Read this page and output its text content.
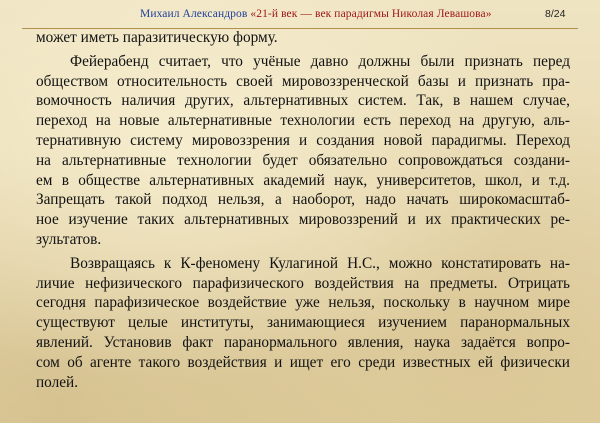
Михаил Александров «21-й век — век парадигмы Николая Левашова»	8/24
может иметь паразитическую форму.
Фейерабенд считает, что учёные давно должны были признать перед
обществом относительность своей мировоззренческой базы и признать пра-
вомочность наличия других, альтернативных систем. Так, в нашем случае,
переход на новые альтернативные технологии есть переход на другую, аль-
тернативную систему мировоззрения и создания новой парадигмы. Переход
на альтернативные технологии будет обязательно сопровождаться создани-
ем в обществе альтернативных академий наук, университетов, школ, и т.д.
Запрещать такой подход нельзя, а наоборот, надо начать широкомасштаб-
ное изучение таких альтернативных мировоззрений и их практических ре-
зультатов.
Возвращаясь к К-феномену Кулагиной Н.С., можно констатировать на-
личие нефизического парафизического воздействия на предметы. Отрицать
сегодня парафизическое воздействие уже нельзя, поскольку в научном мире
существуют целые институты, занимающиеся изучением паранормальных
явлений. Установив факт паранормального явления, наука задаётся вопро-
сом об агенте такого воздействия и ищет его среди известных ей физически
полей.
